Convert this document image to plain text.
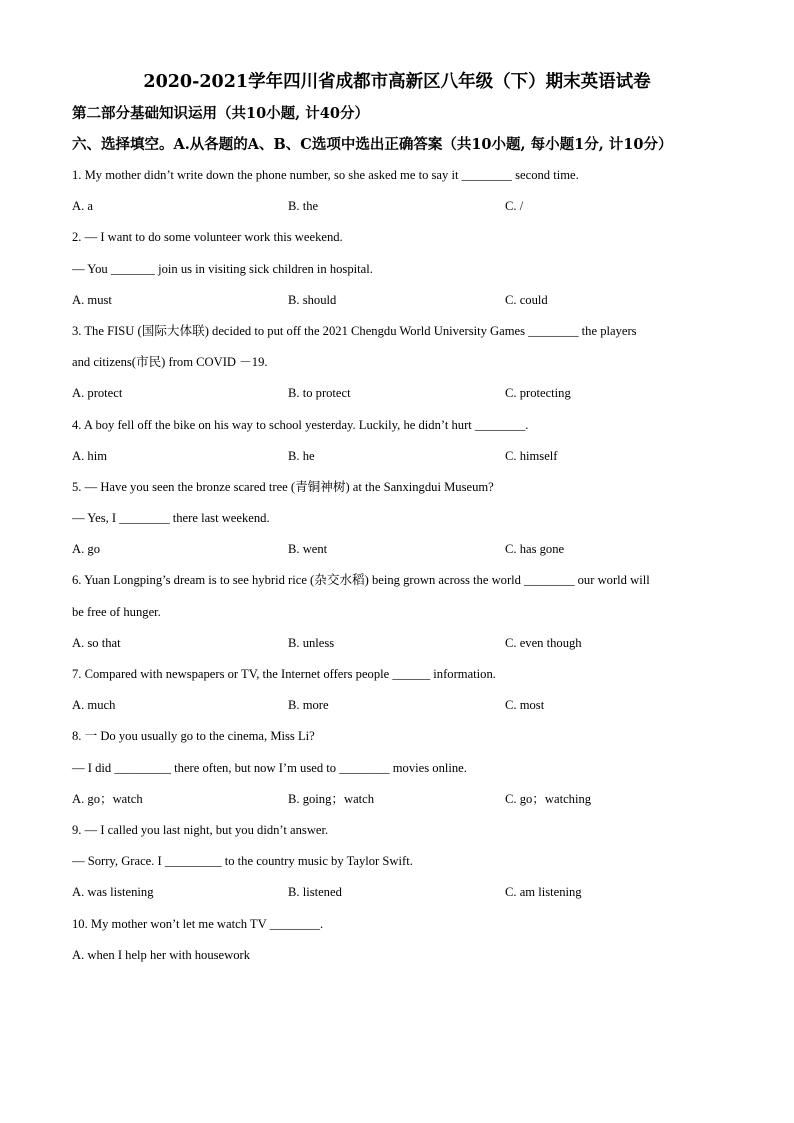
2020-2021学年四川省成都市高新区八年级（下）期末英语试卷
第二部分基础知识运用（共10小题, 计40分）
六、选择填空。A.从各题的A、B、C选项中选出正确答案（共10小题, 每小题1分, 计10分）
1. My mother didn’t write down the phone number, so she asked me to say it ________ second time.
A. a	B. the	C. /
2. — I want to do some volunteer work this weekend.
— You _______ join us in visiting sick children in hospital.
A. must	B. should	C. could
3. The FISU (国际大体联) decided to put off the 2021 Chengdu World University Games ________ the players
and citizens(市民) from COVID －19.
A. protect	B. to protect	C. protecting
4. A boy fell off the bike on his way to school yesterday. Luckily, he didn’t hurt ________.
A. him	B. he	C. himself
5. — Have you seen the bronze scared tree (青铜神树) at the Sanxingdui Museum?
— Yes, I ________ there last weekend.
A. go	B. went	C. has gone
6. Yuan Longping’s dream is to see hybrid rice (杂交水稻) being grown across the world ________ our world will
be free of hunger.
A. so that	B. unless	C. even though
7. Compared with newspapers or TV, the Internet offers people ______ information.
A. much	B. more	C. most
8. 一 Do you usually go to the cinema, Miss Li?
— I did _________ there often, but now I’m used to ________ movies online.
A. go；watch	B. going；watch	C. go；watching
9. — I called you last night, but you didn’t answer.
— Sorry, Grace. I _________ to the country music by Taylor Swift.
A. was listening	B. listened	C. am listening
10. My mother won’t let me watch TV ________.
A. when I help her with housework
